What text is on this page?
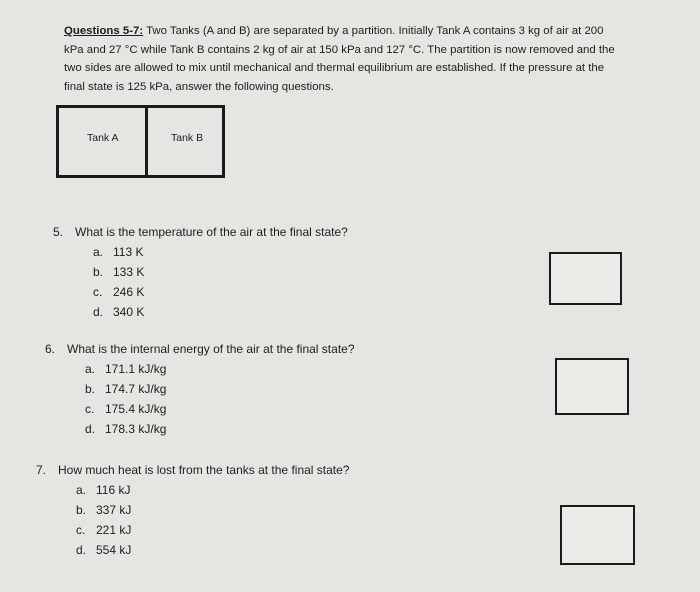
Questions 5-7: Two Tanks (A and B) are separated by a partition. Initially Tank A contains 3 kg of air at 200 kPa and 27 °C while Tank B contains 2 kg of air at 150 kPa and 127 °C. The partition is now removed and the two sides are allowed to mix until mechanical and thermal equilibrium are established. If the pressure at the final state is 125 kPa, answer the following questions.

Tank A	Tank B
5. What is the temperature of the air at the final state?
a. 113 K
b. 133 K
c. 246 K
d. 340 K
6. What is the internal energy of the air at the final state?
a. 171.1 kJ/kg
b. 174.7 kJ/kg
c. 175.4 kJ/kg
d. 178.3 kJ/kg
7. How much heat is lost from the tanks at the final state?
a. 116 kJ
b. 337 kJ
c. 221 kJ
d. 554 kJ
